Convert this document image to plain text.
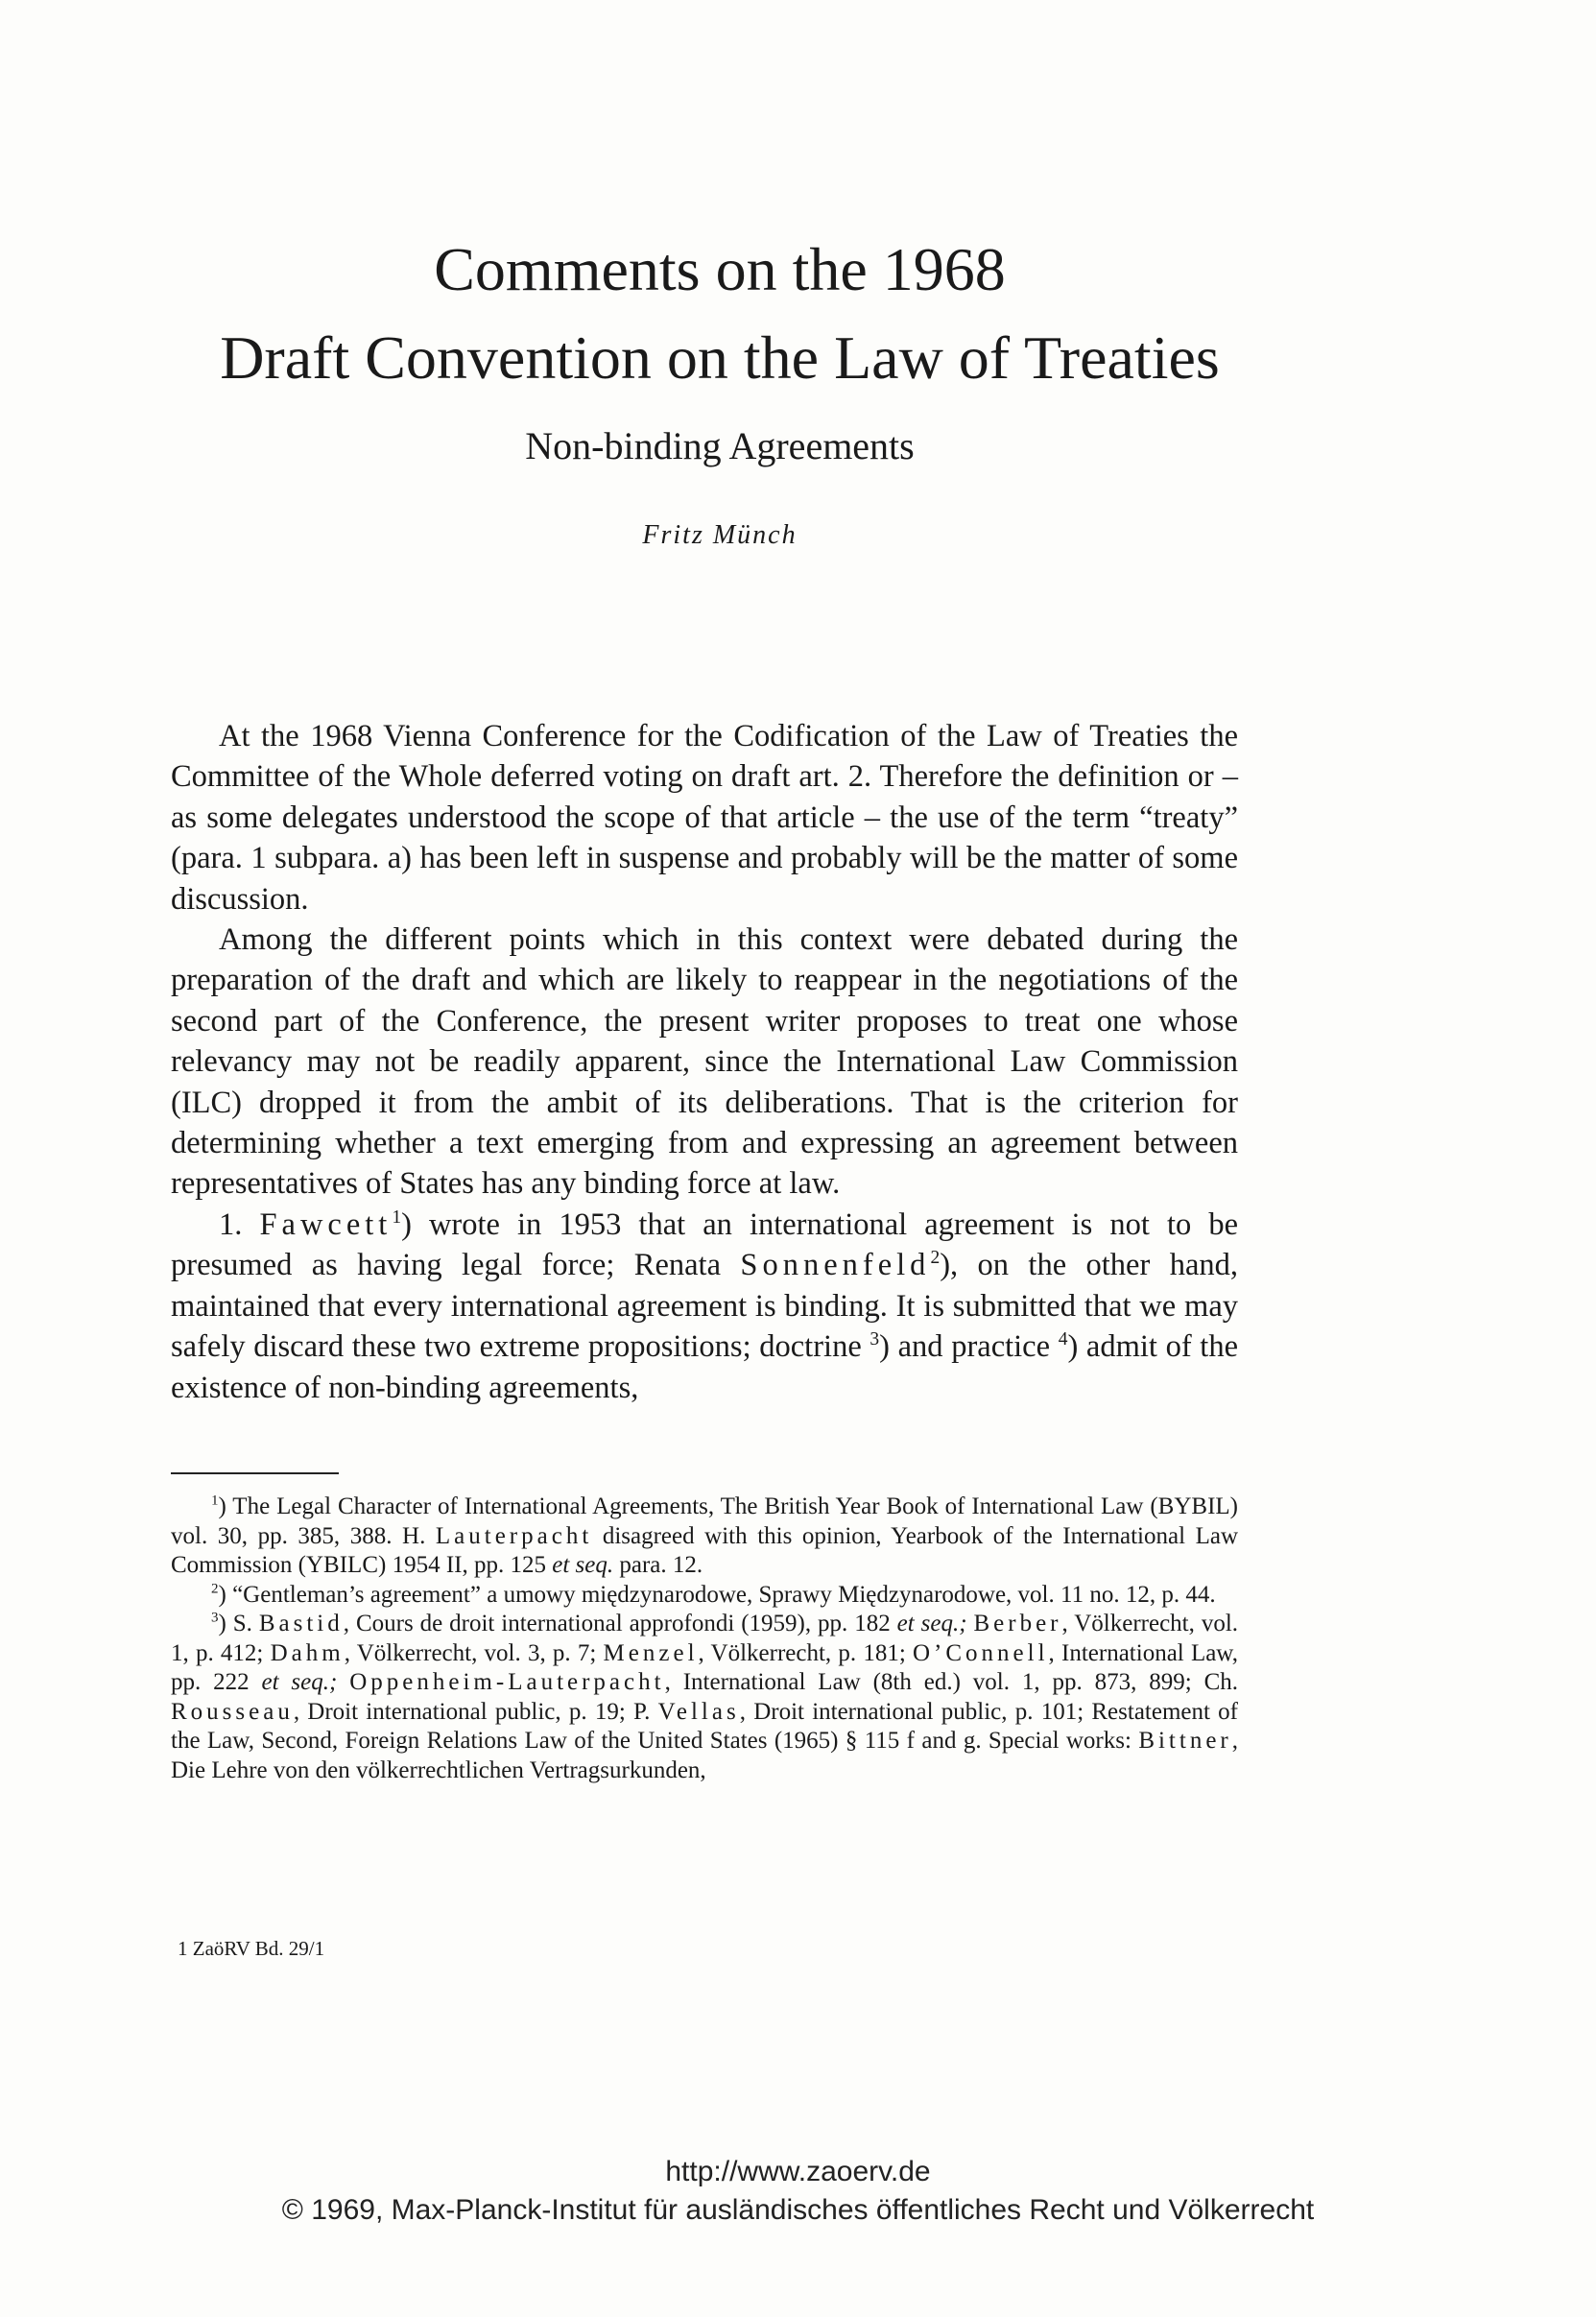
Comments on the 1968
Draft Convention on the Law of Treaties
Non-binding Agreements
Fritz Münch

At the 1968 Vienna Conference for the Codification of the Law of Treaties the Committee of the Whole deferred voting on draft art. 2. Therefore the definition or – as some delegates understood the scope of that article – the use of the term “treaty” (para. 1 subpara. a) has been left in suspense and probably will be the matter of some discussion.

Among the different points which in this context were debated during the preparation of the draft and which are likely to reappear in the negotiations of the second part of the Conference, the present writer proposes to treat one whose relevancy may not be readily apparent, since the International Law Commission (ILC) dropped it from the ambit of its deliberations. That is the criterion for determining whether a text emerging from and expressing an agreement between representatives of States has any binding force at law.

1. Fawcett$^1$) wrote in 1953 that an international agreement is not to be presumed as having legal force; Renata Sonnenfeld$^2$), on the other hand, maintained that every international agreement is binding. It is submitted that we may safely discard these two extreme propositions; doctrine $^3$) and practice $^4$) admit of the existence of non-binding agreements,

$^1$) The Legal Character of International Agreements, The British Year Book of International Law (BYBIL) vol. 30, pp. 385, 388. H. Lauterpacht disagreed with this opinion, Yearbook of the International Law Commission (YBILC) 1954 II, pp. 125 et seq. para. 12.

$^2$) “Gentleman’s agreement” a umowy międzynarodowe, Sprawy Międzynarodowe, vol. 11 no. 12, p. 44.

$^3$) S. Bastid, Cours de droit international approfondi (1959), pp. 182 et seq.; Berber, Völkerrecht, vol. 1, p. 412; Dahm, Völkerrecht, vol. 3, p. 7; Menzel, Völkerrecht, p. 181; O’Connell, International Law, pp. 222 et seq.; Oppenheim-Lauterpacht, International Law (8th ed.) vol. 1, pp. 873, 899; Ch. Rousseau, Droit international public, p. 19; P. Vellas, Droit international public, p. 101; Restatement of the Law, Second, Foreign Relations Law of the United States (1965) § 115 f and g. Special works: Bittner, Die Lehre von den völkerrechtlichen Vertragsurkunden,

1 ZaöRV Bd. 29/1
http://www.zaoerv.de
© 1969, Max-Planck-Institut für ausländisches öffentliches Recht und Völkerrecht
